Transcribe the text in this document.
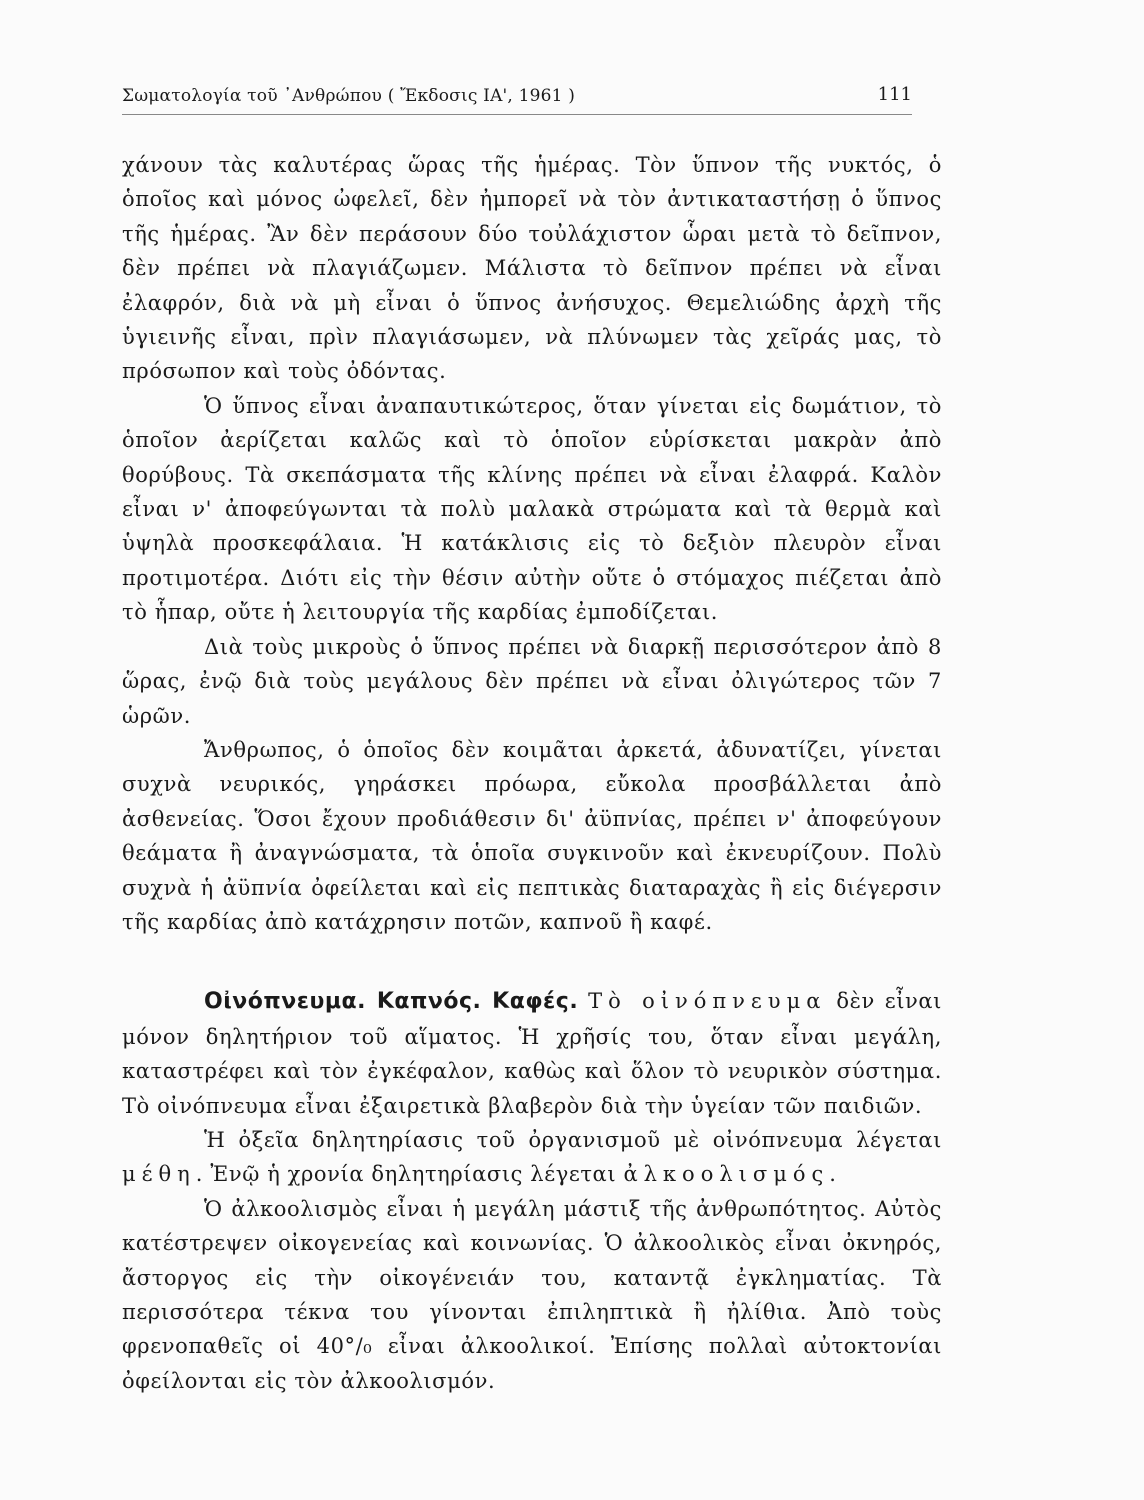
Σωματολογία τοῦ ᾿Ανθρώπου ( Ἔκδοσις ΙΑ', 1961 )	111

χάνουν τὰς καλυτέρας ὥρας τῆς ἡμέρας. Τὸν ὕπνον τῆς νυκτός, ὁ ὁποῖος καὶ μόνος ὠφελεῖ, δὲν ἠμπορεῖ νὰ τὸν ἀντικαταστήσῃ ὁ ὕπνος τῆς ἡμέρας. Ἂν δὲν περάσουν δύο τοὐλάχιστον ὧραι μετὰ τὸ δεῖπνον, δὲν πρέπει νὰ πλαγιάζωμεν. Μάλιστα τὸ δεῖπνον πρέπει νὰ εἶναι ἐλαφρόν, διὰ νὰ μὴ εἶναι ὁ ὕπνος ἀνήσυχος. Θεμελιώδης ἀρχὴ τῆς ὑγιεινῆς εἶναι, πρὶν πλαγιάσωμεν, νὰ πλύνωμεν τὰς χεῖράς μας, τὸ πρόσωπον καὶ τοὺς ὀδόντας.

Ὁ ὕπνος εἶναι ἀναπαυτικώτερος, ὅταν γίνεται εἰς δωμάτιον, τὸ ὁποῖον ἀερίζεται καλῶς καὶ τὸ ὁποῖον εὑρίσκεται μακρὰν ἀπὸ θορύβους. Τὰ σκεπάσματα τῆς κλίνης πρέπει νὰ εἶναι ἐλαφρά. Καλὸν εἶναι ν' ἀποφεύγωνται τὰ πολὺ μαλακὰ στρώματα καὶ τὰ θερμὰ καὶ ὑψηλὰ προσκεφάλαια. Ἡ κατάκλισις εἰς τὸ δεξιὸν πλευρὸν εἶναι προτιμοτέρα. Διότι εἰς τὴν θέσιν αὐτὴν οὔτε ὁ στόμαχος πιέζεται ἀπὸ τὸ ἧπαρ, οὔτε ἡ λειτουργία τῆς καρδίας ἐμποδίζεται.

Διὰ τοὺς μικροὺς ὁ ὕπνος πρέπει νὰ διαρκῇ περισσότερον ἀπὸ 8 ὥρας, ἐνῷ διὰ τοὺς μεγάλους δὲν πρέπει νὰ εἶναι ὀλιγώτερος τῶν 7 ὡρῶν.

Ἄνθρωπος, ὁ ὁποῖος δὲν κοιμᾶται ἀρκετά, ἀδυνατίζει, γίνεται συχνὰ νευρικός, γηράσκει πρόωρα, εὔκολα προσβάλλεται ἀπὸ ἀσθενείας. Ὅσοι ἔχουν προδιάθεσιν δι' ἀϋπνίας, πρέπει ν' ἀποφεύγουν θεάματα ἢ ἀναγνώσματα, τὰ ὁποῖα συγκινοῦν καὶ ἐκνευρίζουν. Πολὺ συχνὰ ἡ ἀϋπνία ὀφείλεται καὶ εἰς πεπτικὰς διαταραχὰς ἢ εἰς διέγερσιν τῆς καρδίας ἀπὸ κατάχρησιν ποτῶν, καπνοῦ ἢ καφέ.

Οἰνόπνευμα. Καπνός. Καφές. Τὸ οἰνόπνευμα δὲν εἶναι μόνον δηλητήριον τοῦ αἵματος. Ἡ χρῆσίς του, ὅταν εἶναι μεγάλη, καταστρέφει καὶ τὸν ἐγκέφαλον, καθὼς καὶ ὅλον τὸ νευρικὸν σύστημα. Τὸ οἰνόπνευμα εἶναι ἐξαιρετικὰ βλαβερὸν διὰ τὴν ὑγείαν τῶν παιδιῶν.

Ἡ ὀξεῖα δηλητηρίασις τοῦ ὀργανισμοῦ μὲ οἰνόπνευμα λέγεται μέθη. Ἐνῷ ἡ χρονία δηλητηρίασις λέγεται ἀλκοολισμός.

Ὁ ἀλκοολισμὸς εἶναι ἡ μεγάλη μάστιξ τῆς ἀνθρωπότητος. Αὐτὸς κατέστρεψεν οἰκογενείας καὶ κοινωνίας. Ὁ ἀλκοολικὸς εἶναι ὀκνηρός, ἄστοργος εἰς τὴν οἰκογένειάν του, καταντᾷ ἐγκληματίας. Τὰ περισσότερα τέκνα του γίνονται ἐπιληπτικὰ ἢ ἠλίθια. Ἀπὸ τοὺς φρενοπαθεῖς οἱ 40°/₀ εἶναι ἀλκοολικοί. Ἐπίσης πολλαὶ αὐτοκτονίαι ὀφείλονται εἰς τὸν ἀλκοολισμόν.
